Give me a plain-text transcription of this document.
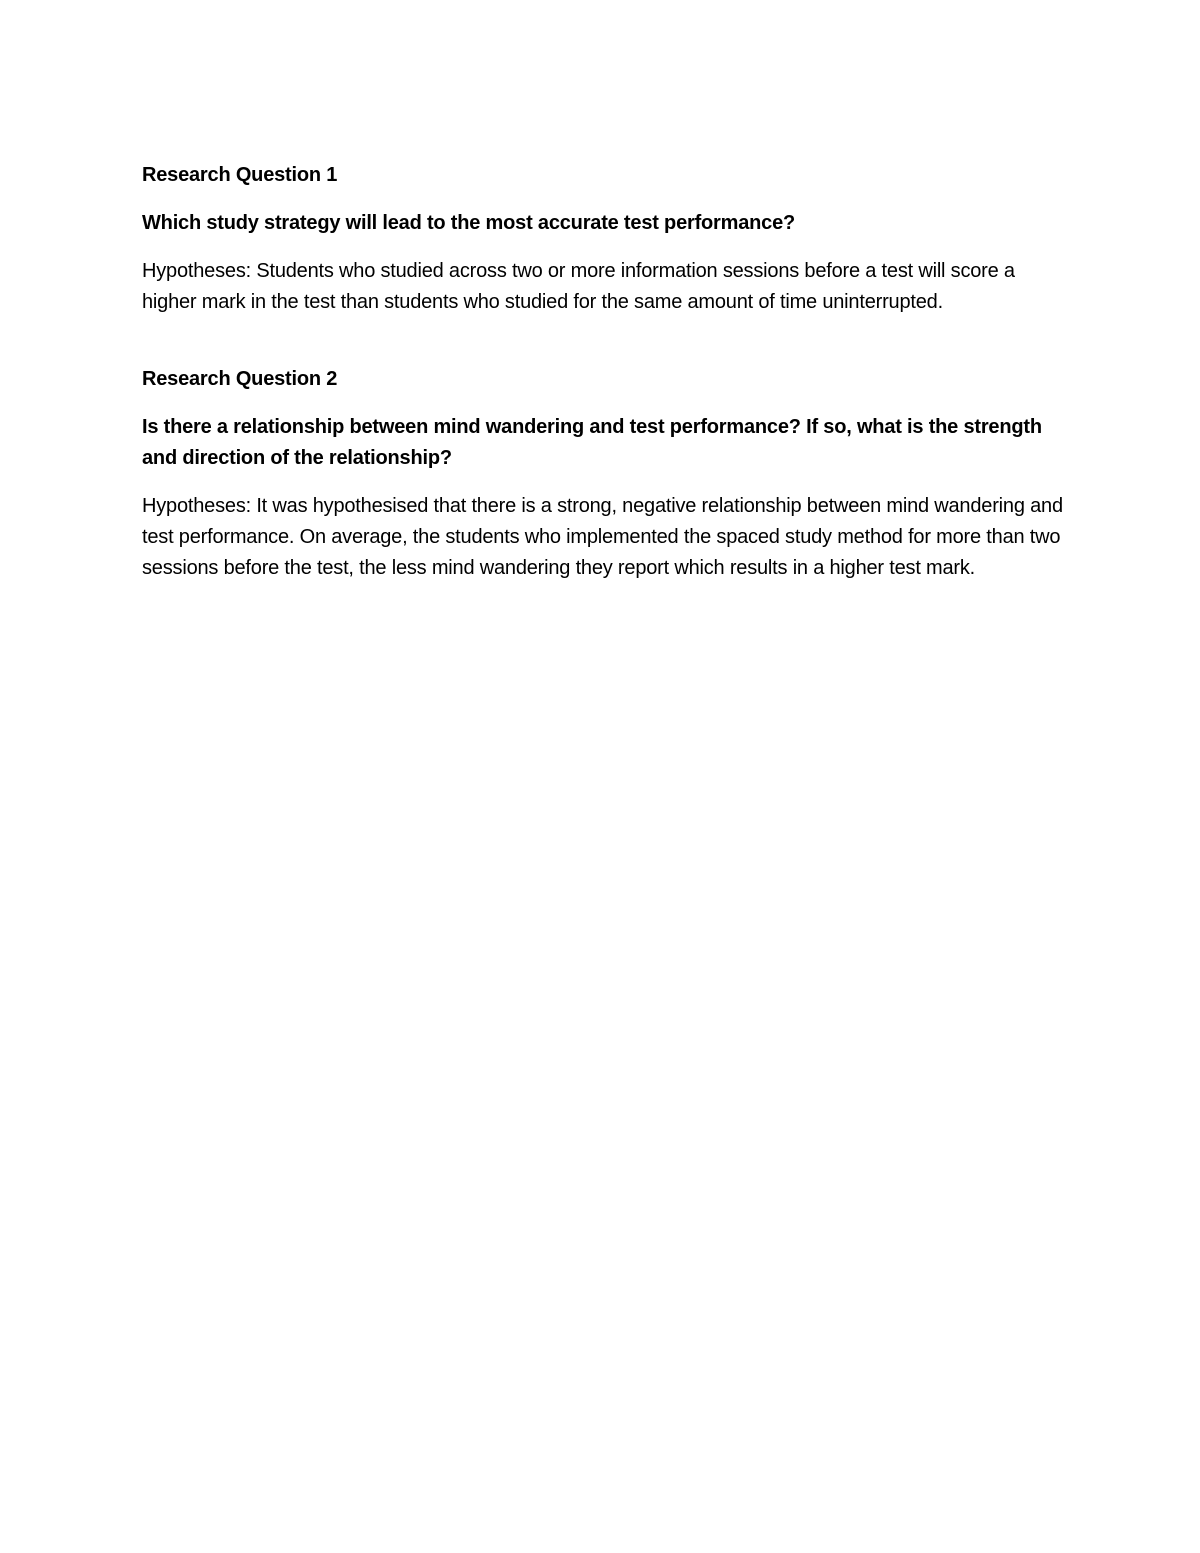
Research Question 1

Which study strategy will lead to the most accurate test performance?

Hypotheses: Students who studied across two or more information sessions before a test will score a higher mark in the test than students who studied for the same amount of time uninterrupted.

Research Question 2

Is there a relationship between mind wandering and test performance? If so, what is the strength and direction of the relationship?

Hypotheses: It was hypothesised that there is a strong, negative relationship between mind wandering and test performance. On average, the students who implemented the spaced study method for more than two sessions before the test, the less mind wandering they report which results in a higher test mark.
